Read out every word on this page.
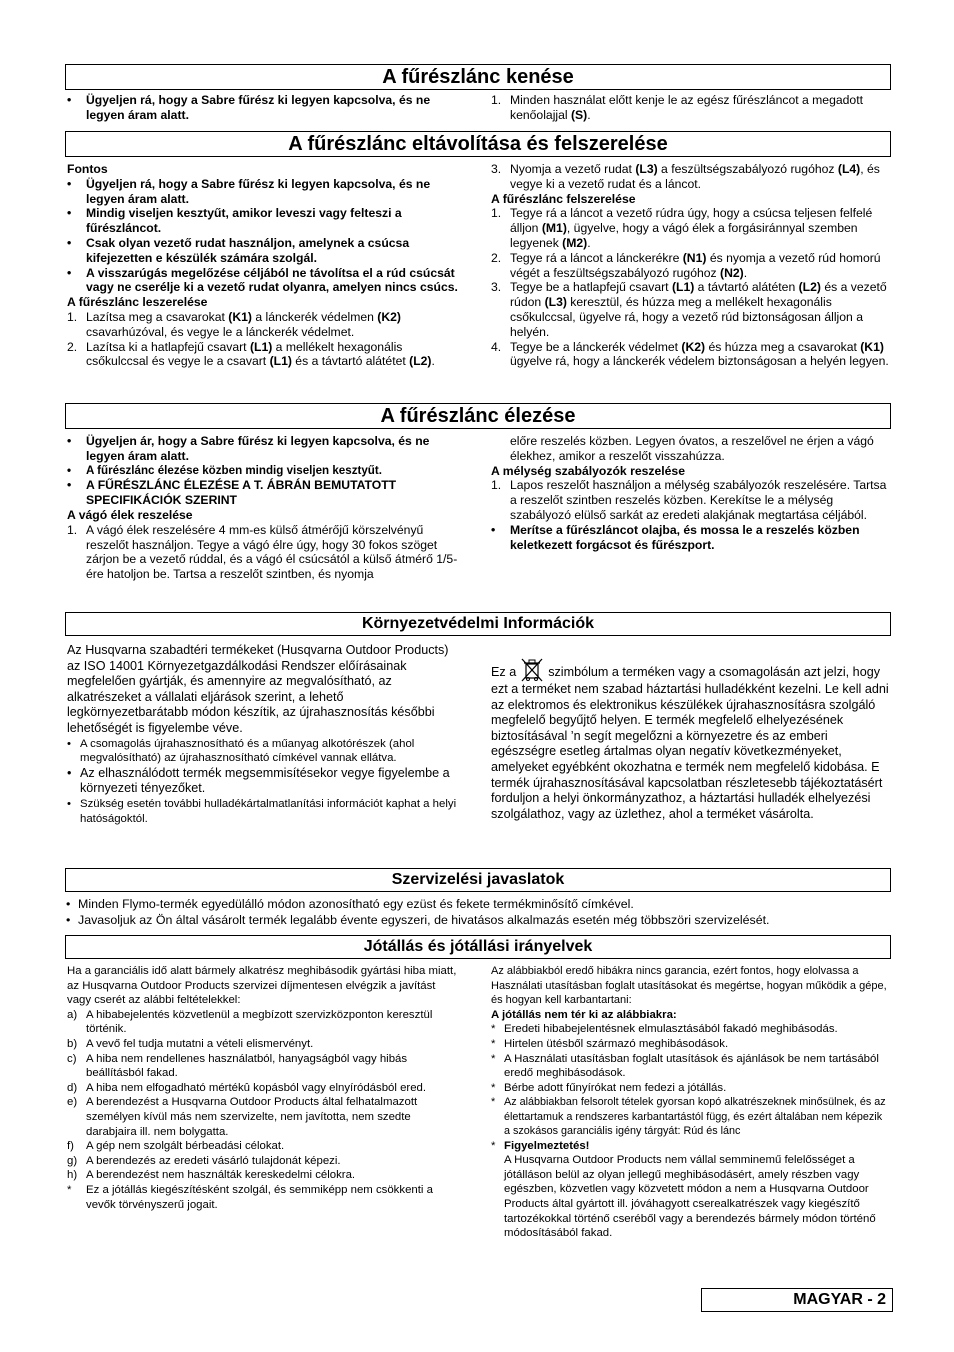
A fűrészlánc kenése
• Ügyeljen rá, hogy a Sabre fűrész ki legyen kapcsolva, és ne legyen áram alatt.
1. Minden használat előtt kenje le az egész fűrészláncot a megadott kenőolajjal (S).
A fűrészlánc eltávolítása és felszerelése
Fontos
• Ügyeljen rá, hogy a Sabre fűrész ki legyen kapcsolva, és ne legyen áram alatt.
• Mindig viseljen kesztyűt, amikor leveszi vagy felteszi a fűrészláncot.
• Csak olyan vezető rudat használjon, amelynek a csúcsa kifejezetten e készülék számára szolgál.
• A visszarúgás megelőzése céljából ne távolítsa el a rúd csúcsát vagy ne cserélje ki a vezető rudat olyanra, amelyen nincs csúcs.
A fűrészlánc leszerelése
1. Lazítsa meg a csavarokat (K1) a lánckerék védelmen (K2) csavarhúzóval, és vegye le a lánckerék védelmet.
2. Lazítsa ki a hatlapfejű csavart (L1) a mellékelt hexagonális csőkulccsal és vegye le a csavart (L1) és a távtartó alátétet (L2).
3. Nyomja a vezető rudat (L3) a feszültségszabályozó rugóhoz (L4), és vegye ki a vezető rudat és a láncot.
A fűrészlánc felszerelése
1. Tegye rá a láncot a vezető rúdra úgy, hogy a csúcsa teljesen felfelé álljon (M1), ügyelve, hogy a vágó élek a forgásiránnyal szemben legyenek (M2).
2. Tegye rá a láncot a lánckerékre (N1) és nyomja a vezető rúd homorú végét a feszültségszabályozó rugóhoz (N2).
3. Tegye be a hatlapfejű csavart (L1) a távtartó alátéten (L2) és a vezető rúdon (L3) keresztül, és húzza meg a mellékelt hexagonális csőkulccsal, ügyelve rá, hogy a vezető rúd biztonságosan álljon a helyén.
4. Tegye be a lánckerék védelmet (K2) és húzza meg a csavarokat (K1) ügyelve rá, hogy a lánckerék védelem biztonságosan a helyén legyen.
A fűrészlánc élezése
• Ügyeljen ár, hogy a Sabre fűrész ki legyen kapcsolva, és ne legyen áram alatt.
• A fűrészlánc élezése közben mindig viseljen kesztyűt.
• A FŰRÉSZLÁNC ÉLEZÉSE A T. ÁBRÁN BEMUTATOTT SPECIFIKÁCIÓK SZERINT
A vágó élek reszelése
1. A vágó élek reszelésére 4 mm-es külső átmérőjű körszelvényű reszelőt használjon. Tegye a vágó élre úgy, hogy 30 fokos szöget zárjon be a vezető rúddal, és a vágó él csúcsától a külső átmérő 1/5-ére hatoljon be. Tartsa a reszelőt szintben, és nyomja
előre reszelés közben. Legyen óvatos, a reszelővel ne érjen a vágó élekhez, amikor a reszelőt visszahúzza.
A mélység szabályozók reszelése
1. Lapos reszelőt használjon a mélység szabályozók reszelésére. Tartsa a reszelőt szintben reszelés közben. Kerekítse le a mélység szabályozó elülső sarkát az eredeti alakjának megtartása céljából.
• Merítse a fűrészláncot olajba, és mossa le a reszelés közben keletkezett forgácsot és fűrészport.
Környezetvédelmi Információk

Az Husqvarna szabadtéri termékeket (Husqvarna Outdoor Products) az ISO 14001 Környezetgazdálkodási Rendszer előírásainak megfelelően gyártják, és amennyire az megvalósítható, az alkatrészeket a vállalati eljárások szerint, a lehető legkörnyezetbarátabb módon készítik, az újrahasznosítás későbbi lehetőségét is figyelembe véve.

• A csomagolás újrahasznosítható és a műanyag alkotórészek (ahol megvalósítható) az újrahasznosítható címkével vannak ellátva.
• Az elhasználódott termék megsemmisítésekor vegye figyelembe a környezeti tényezőket.
• Szükség esetén további hulladékártalmatlanítási információt kaphat a helyi hatóságoktól.
Ez a	szimbólum a terméken vagy a csomagolásán azt jelzi, hogy ezt a terméket nem szabad háztartási hulladékként kezelni. Le kell adni az elektromos és elektronikus készülékek újrahasznosításra szolgáló megfelelő begyűjtő helyen. E termék megfelelő elhelyezésének biztosításával ’n segít megelőzni a környezetre és az emberi egészségre esetleg ártalmas olyan negatív következményeket, amelyeket egyébként okozhatna e termék nem megfelelő kidobása. E termék újrahasznosításával kapcsolatban részletesebb tájékoztatásért forduljon a helyi önkormányzathoz, a háztartási hulladék elhelyezési szolgálathoz, vagy az üzlethez, ahol a terméket vásárolta.
Szervizelési javaslatok
• Minden Flymo-termék egyedülálló módon azonosítható egy ezüst és fekete termékminősítő címkével.
• Javasoljuk az Ön által vásárolt termék legalább évente egyszeri, de hivatásos alkalmazás esetén még többszöri szervizelését.
Jótállás és jótállási irányelvek

Ha a garanciális idő alatt bármely alkatrész meghibásodik gyártási hiba miatt, az Husqvarna Outdoor Products szervizei díjmentesen elvégzik a javítást vagy cserét az alábbi feltételekkel:

a) A hibabejelentés közvetlenül a megbízott szervizközponton keresztül történik.
b) A vevő fel tudja mutatni a vételi elismervényt.
c) A hiba nem rendellenes használatból, hanyagságból vagy hibás beállításból fakad.
d) A hiba nem elfogadható mértékû kopásból vagy elnyíródásból ered.
e) A berendezést a Husqvarna Outdoor Products által felhatalmazott személyen kívül más nem szervizelte, nem javította, nem szedte darabjaira ill. nem bolygatta.
f) A gép nem szolgált bérbeadási célokat.
g) A berendezés az eredeti vásárló tulajdonát képezi.
h) A berendezést nem használták kereskedelmi célokra.
* Ez a jótállás kiegészítésként szolgál, és semmiképp nem csökkenti a vevők törvényszerű jogait.

Az alábbiakból eredő hibákra nincs garancia, ezért fontos, hogy elolvassa a Használati utasításban foglalt utasításokat és megértse, hogyan működik a gépe, és hogyan kell karbantartani:

A jótállás nem tér ki az alábbiakra:
* Eredeti hibabejelentésnek elmulasztásából fakadó meghibásodás.
* Hirtelen ütésből származó meghibásodások.
* A Használati utasításban foglalt utasítások és ajánlások be nem tartásából eredő meghibásodások.
* Bérbe adott fűnyírókat nem fedezi a jótállás.
* Az alábbiakban felsorolt tételek gyorsan kopó alkatrészeknek minősülnek, és az élettartamuk a rendszeres karbantartástól függ, és ezért általában nem képezik a szokásos garanciális igény tárgyát: Rúd és lánc
* Figyelmeztetés!
A Husqvarna Outdoor Products nem vállal semminemű felelősséget a jótálláson belül az olyan jellegű meghibásodásért, amely részben vagy egészben, közvetlen vagy közvetett módon a nem a Husqvarna Outdoor Products által gyártott ill. jóváhagyott cserealkatrészek vagy kiegészítő tartozékokkal történő cseréből vagy a berendezés bármely módon történő módosításából fakad.
MAGYAR - 2
